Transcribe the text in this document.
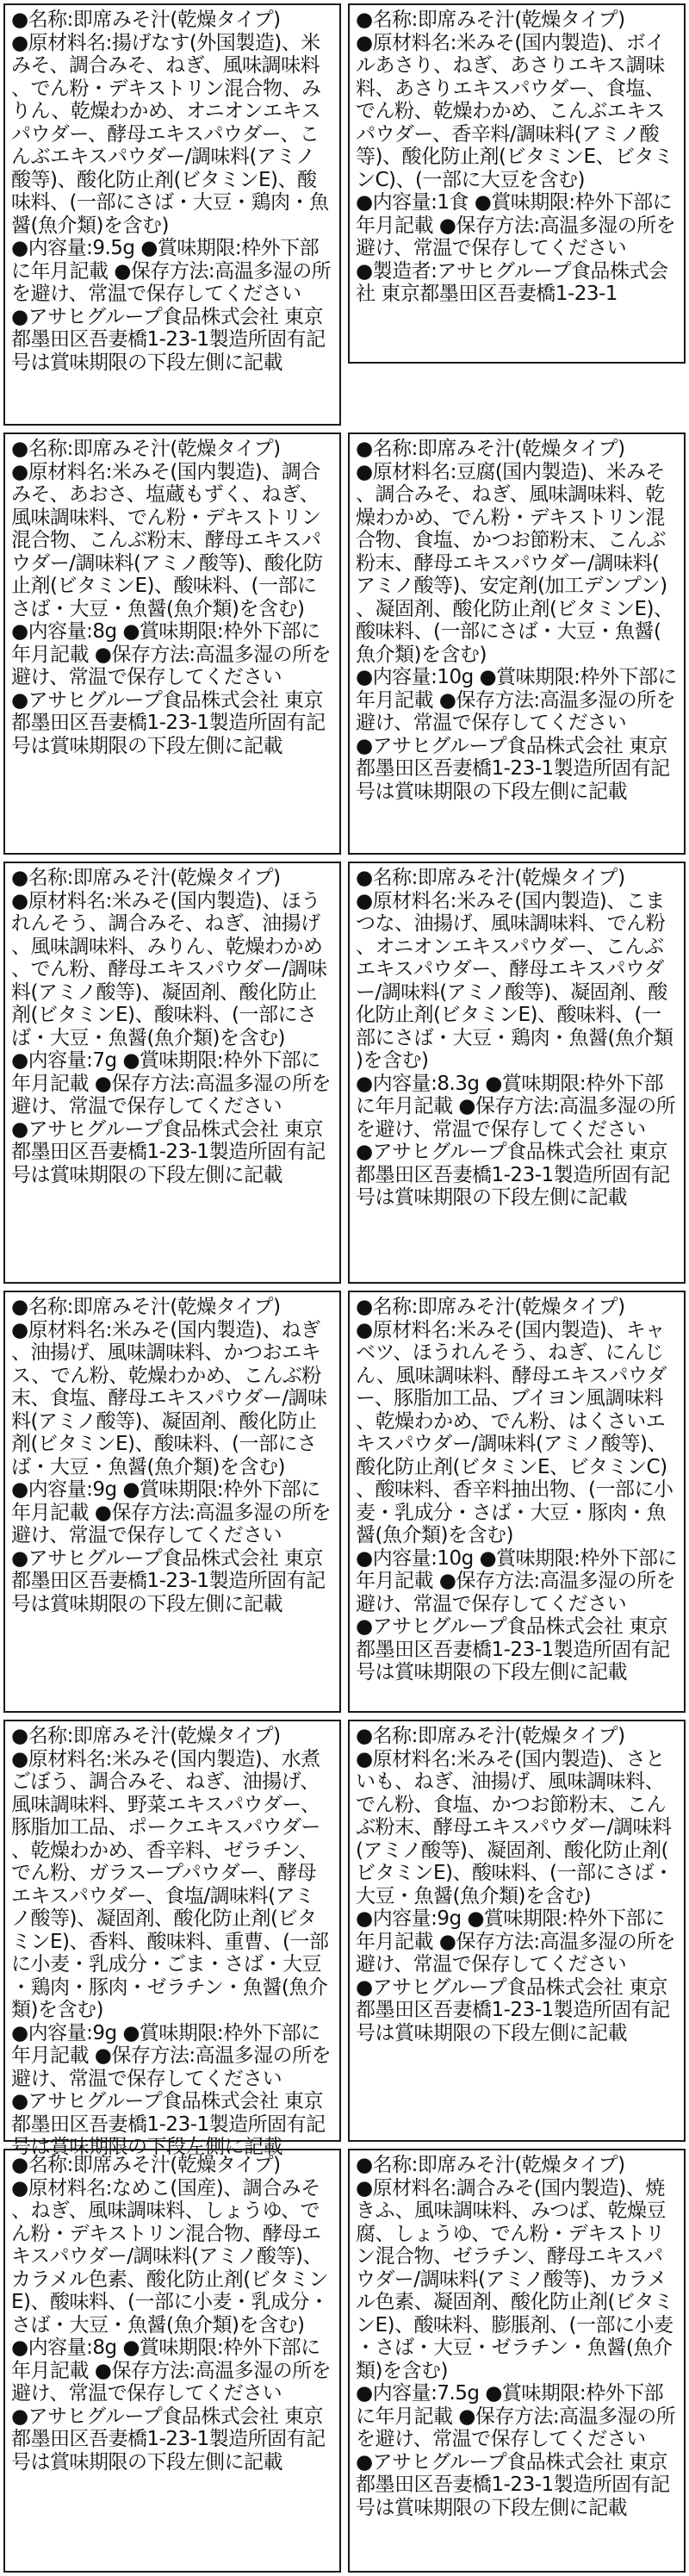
●名称:即席みそ汁(乾燥タイプ)
●原材料名:揚げなす(外国製造)、米みそ、調合みそ、ねぎ、風味調味料、でん粉・デキストリン混合物、みりん、乾燥わかめ、オニオンエキスパウダー、酵母エキスパウダー、こんぶエキスパウダー/調味料(アミノ酸等)、酸化防止剤(ビタミンE)、酸味料、(一部にさば・大豆・鶏肉・魚醤(魚介類)を含む)
●内容量:9.5g ●賞味期限:枠外下部に年月記載 ●保存方法:高温多湿の所を避け、常温で保存してください
●アサヒグループ食品株式会社 東京都墨田区吾妻橋1-23-1製造所固有記号は賞味期限の下段左側に記載
●名称:即席みそ汁(乾燥タイプ)
●原材料名:米みそ(国内製造)、ボイルあさり、ねぎ、あさりエキス調味料、あさりエキスパウダー、食塩、でん粉、乾燥わかめ、こんぶエキスパウダー、香辛料/調味料(アミノ酸等)、酸化防止剤(ビタミンE、ビタミンC)、(一部に大豆を含む)
●内容量:1食 ●賞味期限:枠外下部に年月記載 ●保存方法:高温多湿の所を避け、常温で保存してください
●製造者:アサヒグループ食品株式会社 東京都墨田区吾妻橋1-23-1
●名称:即席みそ汁(乾燥タイプ)
●原材料名:米みそ(国内製造)、調合みそ、あおさ、塩蔵もずく、ねぎ、風味調味料、でん粉・デキストリン混合物、こんぶ粉末、酵母エキスパウダー/調味料(アミノ酸等)、酸化防止剤(ビタミンE)、酸味料、(一部にさば・大豆・魚醤(魚介類)を含む)
●内容量:8g ●賞味期限:枠外下部に年月記載 ●保存方法:高温多湿の所を避け、常温で保存してください
●アサヒグループ食品株式会社 東京都墨田区吾妻橋1-23-1製造所固有記号は賞味期限の下段左側に記載
●名称:即席みそ汁(乾燥タイプ)
●原材料名:豆腐(国内製造)、米みそ、調合みそ、ねぎ、風味調味料、乾燥わかめ、でん粉・デキストリン混合物、食塩、かつお節粉末、こんぶ粉末、酵母エキスパウダー/調味料(アミノ酸等)、安定剤(加工デンプン)、凝固剤、酸化防止剤(ビタミンE)、酸味料、(一部にさば・大豆・魚醤(魚介類)を含む)
●内容量:10g ●賞味期限:枠外下部に年月記載 ●保存方法:高温多湿の所を避け、常温で保存してください
●アサヒグループ食品株式会社 東京都墨田区吾妻橋1-23-1製造所固有記号は賞味期限の下段左側に記載
●名称:即席みそ汁(乾燥タイプ)
●原材料名:米みそ(国内製造)、ほうれんそう、調合みそ、ねぎ、油揚げ、風味調味料、みりん、乾燥わかめ、でん粉、酵母エキスパウダー/調味料(アミノ酸等)、凝固剤、酸化防止剤(ビタミンE)、酸味料、(一部にさば・大豆・魚醤(魚介類)を含む)
●内容量:7g ●賞味期限:枠外下部に年月記載 ●保存方法:高温多湿の所を避け、常温で保存してください
●アサヒグループ食品株式会社 東京都墨田区吾妻橋1-23-1製造所固有記号は賞味期限の下段左側に記載
●名称:即席みそ汁(乾燥タイプ)
●原材料名:米みそ(国内製造)、こまつな、油揚げ、風味調味料、でん粉、オニオンエキスパウダー、こんぶエキスパウダー、酵母エキスパウダー/調味料(アミノ酸等)、凝固剤、酸化防止剤(ビタミンE)、酸味料、(一部にさば・大豆・鶏肉・魚醤(魚介類)を含む)
●内容量:8.3g ●賞味期限:枠外下部に年月記載 ●保存方法:高温多湿の所を避け、常温で保存してください
●アサヒグループ食品株式会社 東京都墨田区吾妻橋1-23-1製造所固有記号は賞味期限の下段左側に記載
●名称:即席みそ汁(乾燥タイプ)
●原材料名:米みそ(国内製造)、ねぎ、油揚げ、風味調味料、かつおエキス、でん粉、乾燥わかめ、こんぶ粉末、食塩、酵母エキスパウダー/調味料(アミノ酸等)、凝固剤、酸化防止剤(ビタミンE)、酸味料、(一部にさば・大豆・魚醤(魚介類)を含む)
●内容量:9g ●賞味期限:枠外下部に年月記載 ●保存方法:高温多湿の所を避け、常温で保存してください
●アサヒグループ食品株式会社 東京都墨田区吾妻橋1-23-1製造所固有記号は賞味期限の下段左側に記載
●名称:即席みそ汁(乾燥タイプ)
●原材料名:米みそ(国内製造)、キャベツ、ほうれんそう、ねぎ、にんじん、風味調味料、酵母エキスパウダー、豚脂加工品、ブイヨン風調味料、乾燥わかめ、でん粉、はくさいエキスパウダー/調味料(アミノ酸等)、酸化防止剤(ビタミンE、ビタミンC)、酸味料、香辛料抽出物、(一部に小麦・乳成分・さば・大豆・豚肉・魚醤(魚介類)を含む)
●内容量:10g ●賞味期限:枠外下部に年月記載 ●保存方法:高温多湿の所を避け、常温で保存してください
●アサヒグループ食品株式会社 東京都墨田区吾妻橋1-23-1製造所固有記号は賞味期限の下段左側に記載
●名称:即席みそ汁(乾燥タイプ)
●原材料名:米みそ(国内製造)、水煮ごぼう、調合みそ、ねぎ、油揚げ、風味調味料、野菜エキスパウダー、豚脂加工品、ポークエキスパウダー、乾燥わかめ、香辛料、ゼラチン、でん粉、ガラスープパウダー、酵母エキスパウダー、食塩/調味料(アミノ酸等)、凝固剤、酸化防止剤(ビタミンE)、香料、酸味料、重曹、(一部に小麦・乳成分・ごま・さば・大豆・鶏肉・豚肉・ゼラチン・魚醤(魚介類)を含む)
●内容量:9g ●賞味期限:枠外下部に年月記載 ●保存方法:高温多湿の所を避け、常温で保存してください
●アサヒグループ食品株式会社 東京都墨田区吾妻橋1-23-1製造所固有記号は賞味期限の下段左側に記載
●名称:即席みそ汁(乾燥タイプ)
●原材料名:米みそ(国内製造)、さといも、ねぎ、油揚げ、風味調味料、でん粉、食塩、かつお節粉末、こんぶ粉末、酵母エキスパウダー/調味料(アミノ酸等)、凝固剤、酸化防止剤(ビタミンE)、酸味料、(一部にさば・大豆・魚醤(魚介類)を含む)
●内容量:9g ●賞味期限:枠外下部に年月記載 ●保存方法:高温多湿の所を避け、常温で保存してください
●アサヒグループ食品株式会社 東京都墨田区吾妻橋1-23-1製造所固有記号は賞味期限の下段左側に記載
●名称:即席みそ汁(乾燥タイプ)
●原材料名:なめこ(国産)、調合みそ、ねぎ、風味調味料、しょうゆ、でん粉・デキストリン混合物、酵母エキスパウダー/調味料(アミノ酸等)、カラメル色素、酸化防止剤(ビタミンE)、酸味料、(一部に小麦・乳成分・さば・大豆・魚醤(魚介類)を含む)
●内容量:8g ●賞味期限:枠外下部に年月記載 ●保存方法:高温多湿の所を避け、常温で保存してください
●アサヒグループ食品株式会社 東京都墨田区吾妻橋1-23-1製造所固有記号は賞味期限の下段左側に記載
●名称:即席みそ汁(乾燥タイプ)
●原材料名:調合みそ(国内製造)、焼きふ、風味調味料、みつば、乾燥豆腐、しょうゆ、でん粉・デキストリン混合物、ゼラチン、酵母エキスパウダー/調味料(アミノ酸等)、カラメル色素、凝固剤、酸化防止剤(ビタミンE)、酸味料、膨脹剤、(一部に小麦・さば・大豆・ゼラチン・魚醤(魚介類)を含む)
●内容量:7.5g ●賞味期限:枠外下部に年月記載 ●保存方法:高温多湿の所を避け、常温で保存してください
●アサヒグループ食品株式会社 東京都墨田区吾妻橋1-23-1製造所固有記号は賞味期限の下段左側に記載
